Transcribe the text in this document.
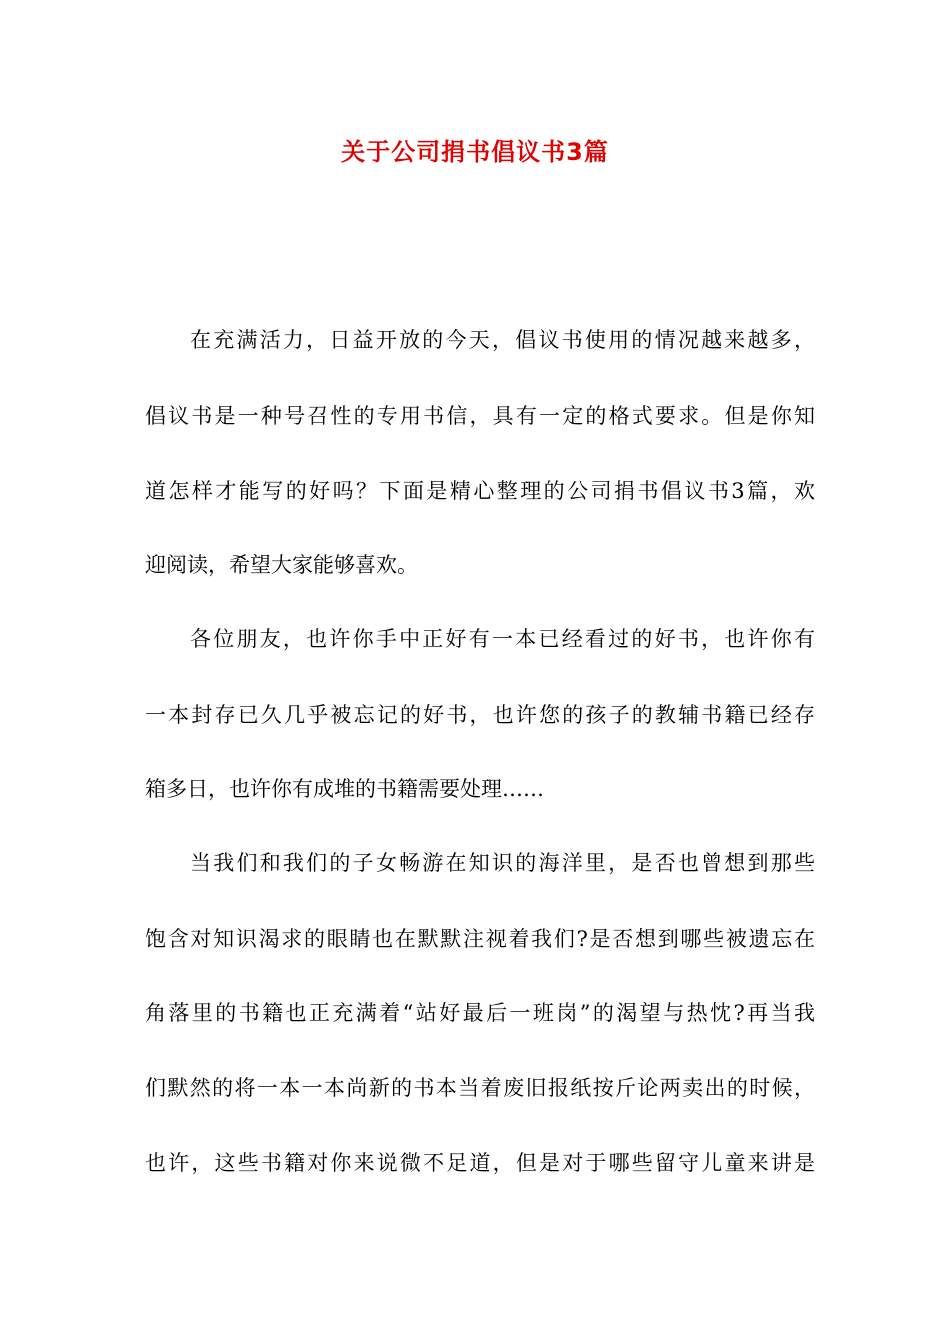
关于公司捐书倡议书3篇
在充满活力，日益开放的今天，倡议书使用的情况越来越多，
倡议书是一种号召性的专用书信，具有一定的格式要求。但是你知
道怎样才能写的好吗？下面是精心整理的公司捐书倡议书3篇，欢
迎阅读，希望大家能够喜欢。
各位朋友，也许你手中正好有一本已经看过的好书，也许你有
一本封存已久几乎被忘记的好书，也许您的孩子的教辅书籍已经存
箱多日，也许你有成堆的书籍需要处理……
当我们和我们的子女畅游在知识的海洋里，是否也曾想到那些
饱含对知识渴求的眼睛也在默默注视着我们?是否想到哪些被遗忘在
角落里的书籍也正充满着“站好最后一班岗”的渴望与热忱?再当我
们默然的将一本一本尚新的书本当着废旧报纸按斤论两卖出的时候，
也许，这些书籍对你来说微不足道，但是对于哪些留守儿童来讲是
